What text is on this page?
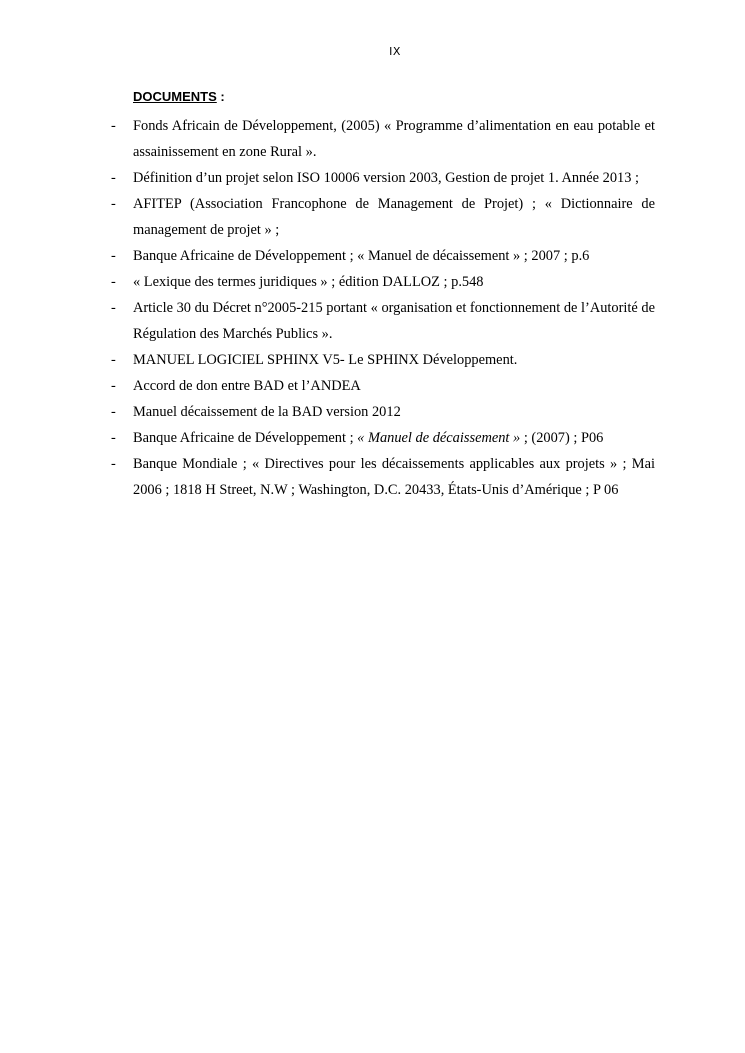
IX
DOCUMENTS :
- Fonds Africain de Développement, (2005) « Programme d’alimentation en eau potable et assainissement en zone Rural ».
- Définition d’un projet selon ISO 10006 version 2003, Gestion de projet 1. Année 2013 ;
- AFITEP (Association Francophone de Management de Projet) ; « Dictionnaire de management de projet » ;
- Banque Africaine de Développement ; « Manuel de décaissement » ; 2007 ; p.6
- « Lexique des termes juridiques » ; édition DALLOZ ; p.548
- Article 30 du Décret n°2005-215 portant « organisation et fonctionnement de l’Autorité de Régulation des Marchés Publics ».
- MANUEL LOGICIEL SPHINX V5- Le SPHINX Développement.
- Accord de don entre BAD et l’ANDEA
- Manuel décaissement de la BAD version 2012
- Banque Africaine de Développement ; « Manuel de décaissement » ; (2007) ; P06
- Banque Mondiale ; « Directives pour les décaissements applicables aux projets » ; Mai 2006 ; 1818 H Street, N.W ; Washington, D.C. 20433, États-Unis d’Amérique ; P 06
